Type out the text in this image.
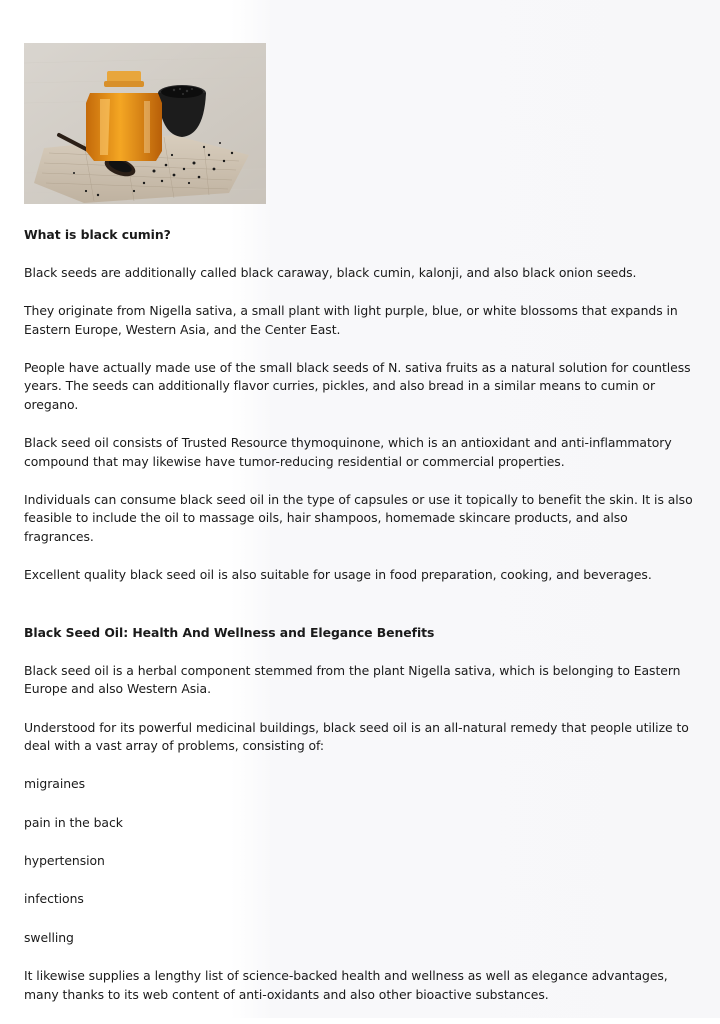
What is black cumin?

Black seeds are additionally called black caraway, black cumin, kalonji, and also black onion seeds.

They originate from Nigella sativa, a small plant with light purple, blue, or white blossoms that expands in Eastern Europe, Western Asia, and the Center East.

People have actually made use of the small black seeds of N. sativa fruits as a natural solution for countless years. The seeds can additionally flavor curries, pickles, and also bread in a similar means to cumin or oregano.

Black seed oil consists of Trusted Resource thymoquinone, which is an antioxidant and anti-inflammatory compound that may likewise have tumor-reducing residential or commercial properties.

Individuals can consume black seed oil in the type of capsules or use it topically to benefit the skin. It is also feasible to include the oil to massage oils, hair shampoos, homemade skincare products, and also fragrances.

Excellent quality black seed oil is also suitable for usage in food preparation, cooking, and beverages.

Black Seed Oil: Health And Wellness and Elegance Benefits

Black seed oil is a herbal component stemmed from the plant Nigella sativa, which is belonging to Eastern Europe and also Western Asia.

Understood for its powerful medicinal buildings, black seed oil is an all-natural remedy that people utilize to deal with a vast array of problems, consisting of:

migraines
pain in the back
hypertension
infections
swelling

It likewise supplies a lengthy list of science-backed health and wellness as well as elegance advantages, many thanks to its web content of anti-oxidants and also other bioactive substances.
